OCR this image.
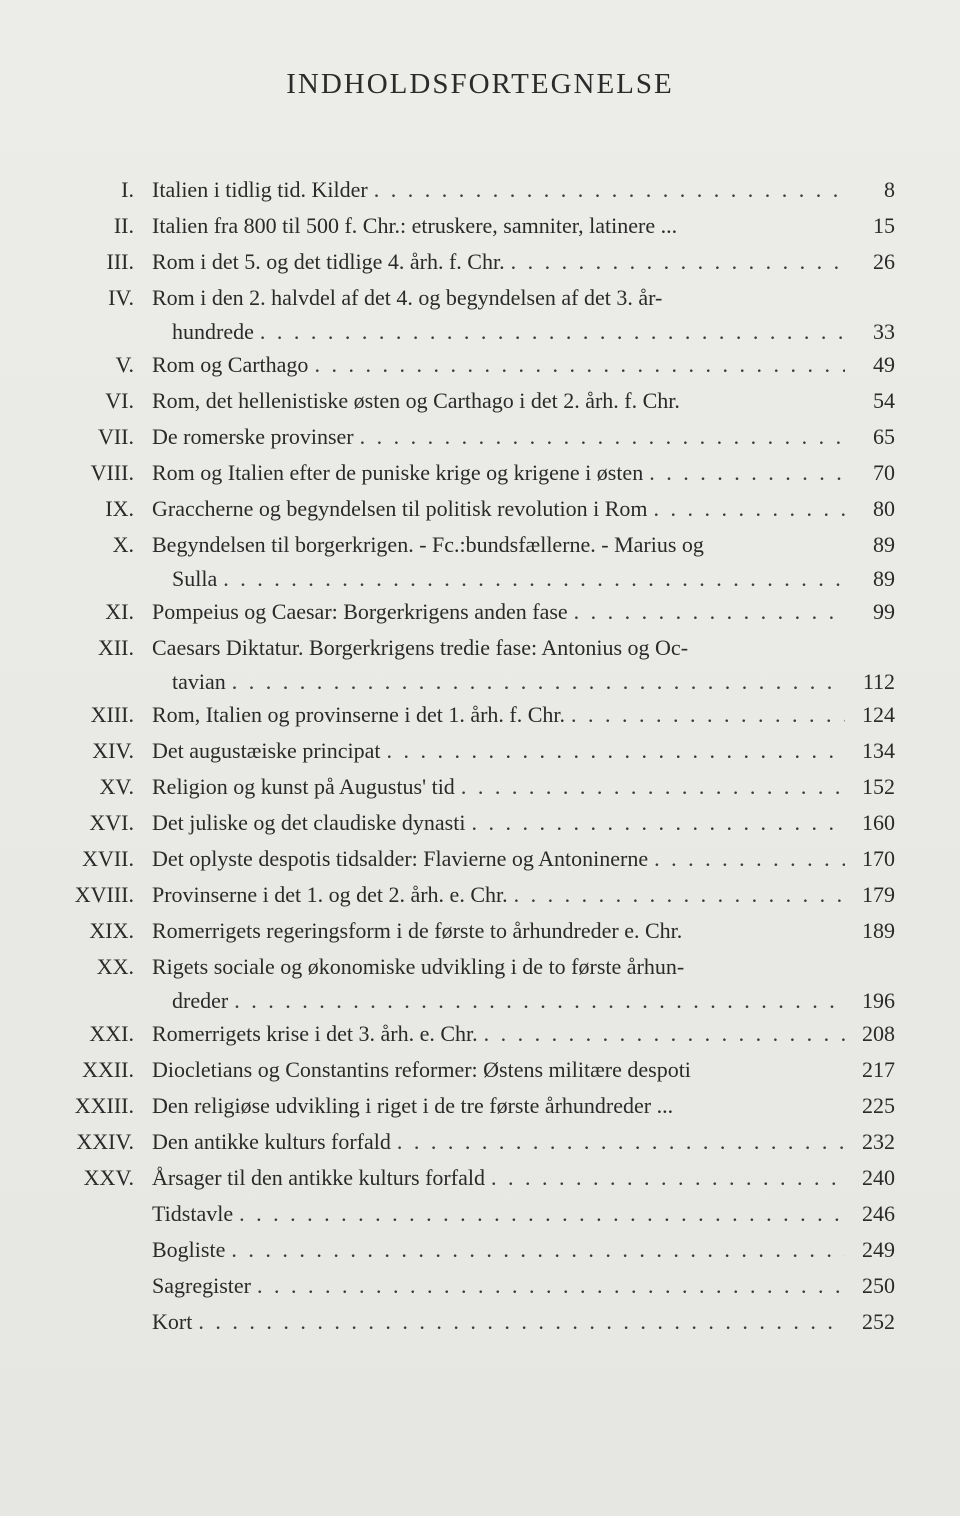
INDHOLDSFORTEGNELSE
I. Italien i tidlig tid. Kilder . . .	8
II. Italien fra 800 til 500 f. Chr.: etruskere, samniter, latinere ...	15
III. Rom i det 5. og det tidlige 4. årh. f. Chr. . . .	26
IV. Rom i den 2. halvdel af det 4. og begyndelsen af det 3. år-
hundrede . . .	33
V. Rom og Carthago . . .	49
VI. Rom, det hellenistiske østen og Carthago i det 2. årh. f. Chr.	54
VII. De romerske provinser . . .	65
VIII. Rom og Italien efter de puniske krige og krigene i østen . . .	70
IX. Graccherne og begyndelsen til politisk revolution i Rom . . .	80
X. Begyndelsen til borgerkrigen. - Fc.:bundsfællerne. - Marius og	89
Sulla . . .	89
XI. Pompeius og Caesar: Borgerkrigens anden fase . . .	99
XII. Caesars Diktatur. Borgerkrigens tredie fase: Antonius og Oc-
tavian . . .	112
XIII. Rom, Italien og provinserne i det 1. årh. f. Chr. . . .	124
XIV. Det augustæiske principat . . .	134
XV. Religion og kunst på Augustus' tid . . .	152
XVI. Det juliske og det claudiske dynasti . . .	160
XVII. Det oplyste despotis tidsalder: Flavierne og Antoninerne . . .	170
XVIII. Provinserne i det 1. og det 2. årh. e. Chr. . . .	179
XIX. Romerrigets regeringsform i de første to århundreder e. Chr.	189
XX. Rigets sociale og økonomiske udvikling i de to første århun-
dreder . . .	196
XXI. Romerrigets krise i det 3. årh. e. Chr. . . .	208
XXII. Diocletians og Constantins reformer: Østens militære despoti	217
XXIII. Den religiøse udvikling i riget i de tre første århundreder ...	225
XXIV. Den antikke kulturs forfald . . .	232
XXV. Årsager til den antikke kulturs forfald . . .	240
Tidstavle . . .	246
Bogliste . . .	249
Sagregister . . .	250
Kort . . .	252
